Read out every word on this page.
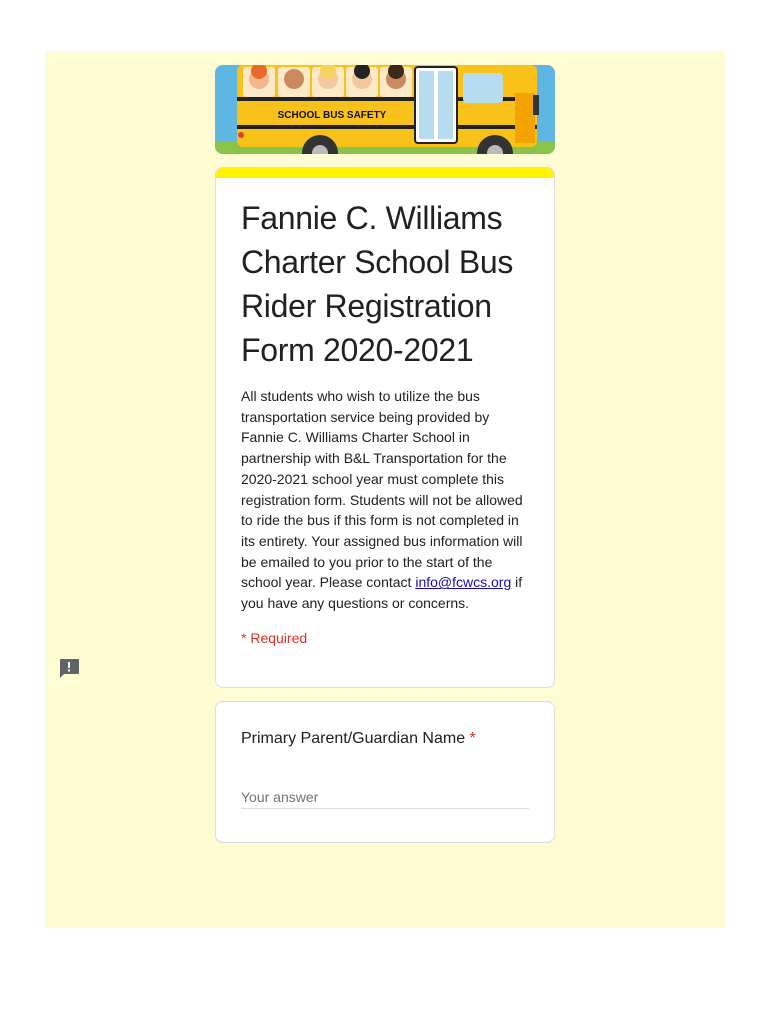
SCHOOL BUS SAFETY
Fannie C. Williams Charter School Bus Rider Registration Form 2020-2021
All students who wish to utilize the bus transportation service being provided by Fannie C. Williams Charter School in partnership with B&L Transportation for the 2020-2021 school year must complete this registration form. Students will not be allowed to ride the bus if this form is not completed in its entirety. Your assigned bus information will be emailed to you prior to the start of the school year. Please contact info@fcwcs.org if you have any questions or concerns.
* Required
Primary Parent/Guardian Name *
Your answer
